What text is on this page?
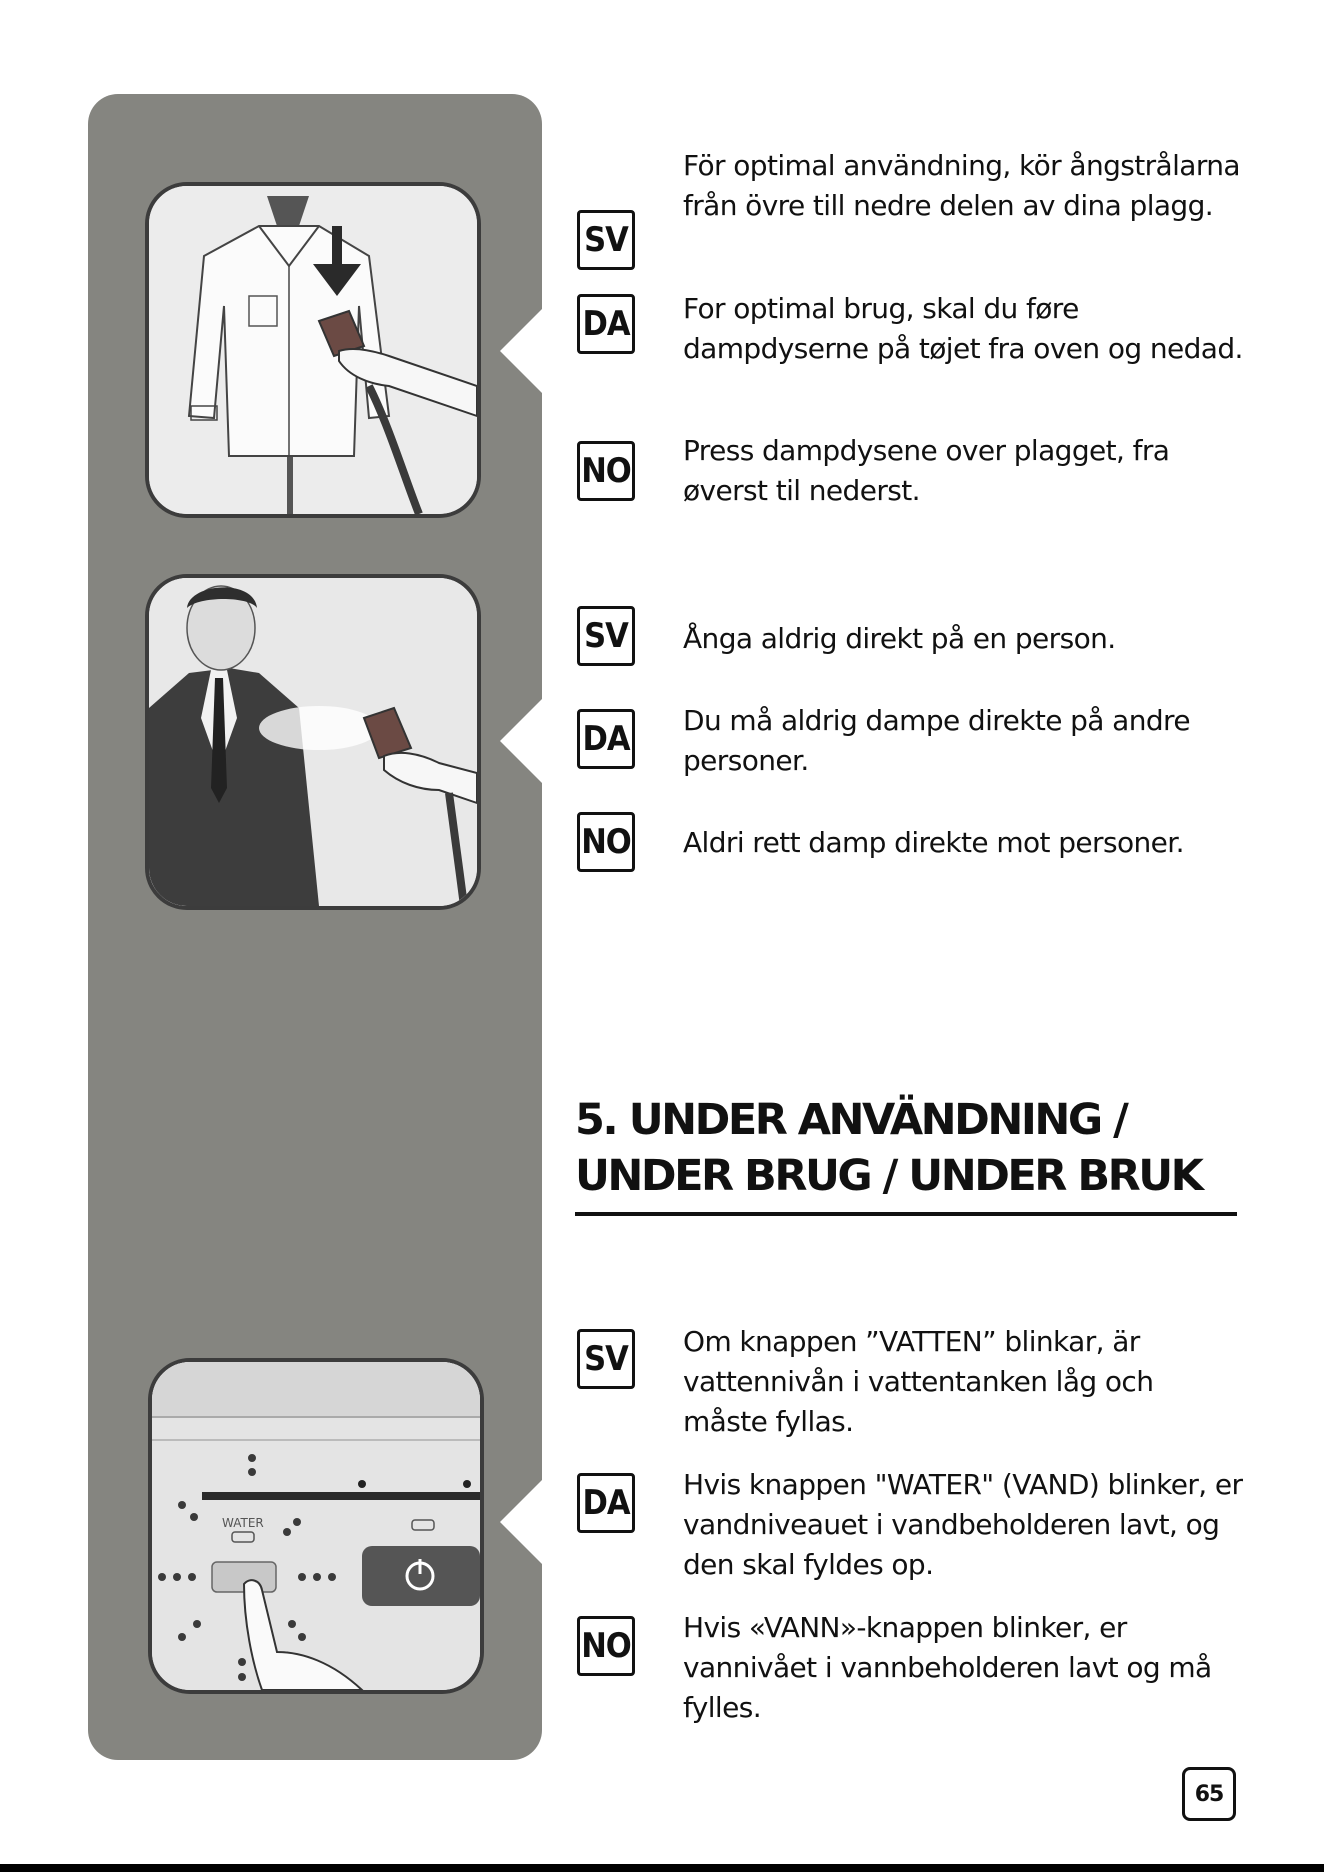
WATER
SV
För optimal användning, kör ångstrålarna från övre till nedre delen av dina plagg.
DA For optimal brug, skal du føre dampdyserne på tøjet fra oven og nedad.
NO
Press dampdysene over plagget, fra øverst til nederst.
SV Ånga aldrig direkt på en person.
DA Du må aldrig dampe direkte på andre personer.
NO Aldri rett damp direkte mot personer.
5. UNDER ANVÄNDNING / UNDER BRUG / UNDER BRUK
SV Om knappen ”VATTEN” blinkar, är vattennivån i vattentanken låg och måste fyllas.
DA Hvis knappen "WATER" (VAND) blinker, er vandniveauet i vandbeholderen lavt, og den skal fyldes op.
NO Hvis «VANN»-knappen blinker, er vannivået i vannbeholderen lavt og må fylles.
65
